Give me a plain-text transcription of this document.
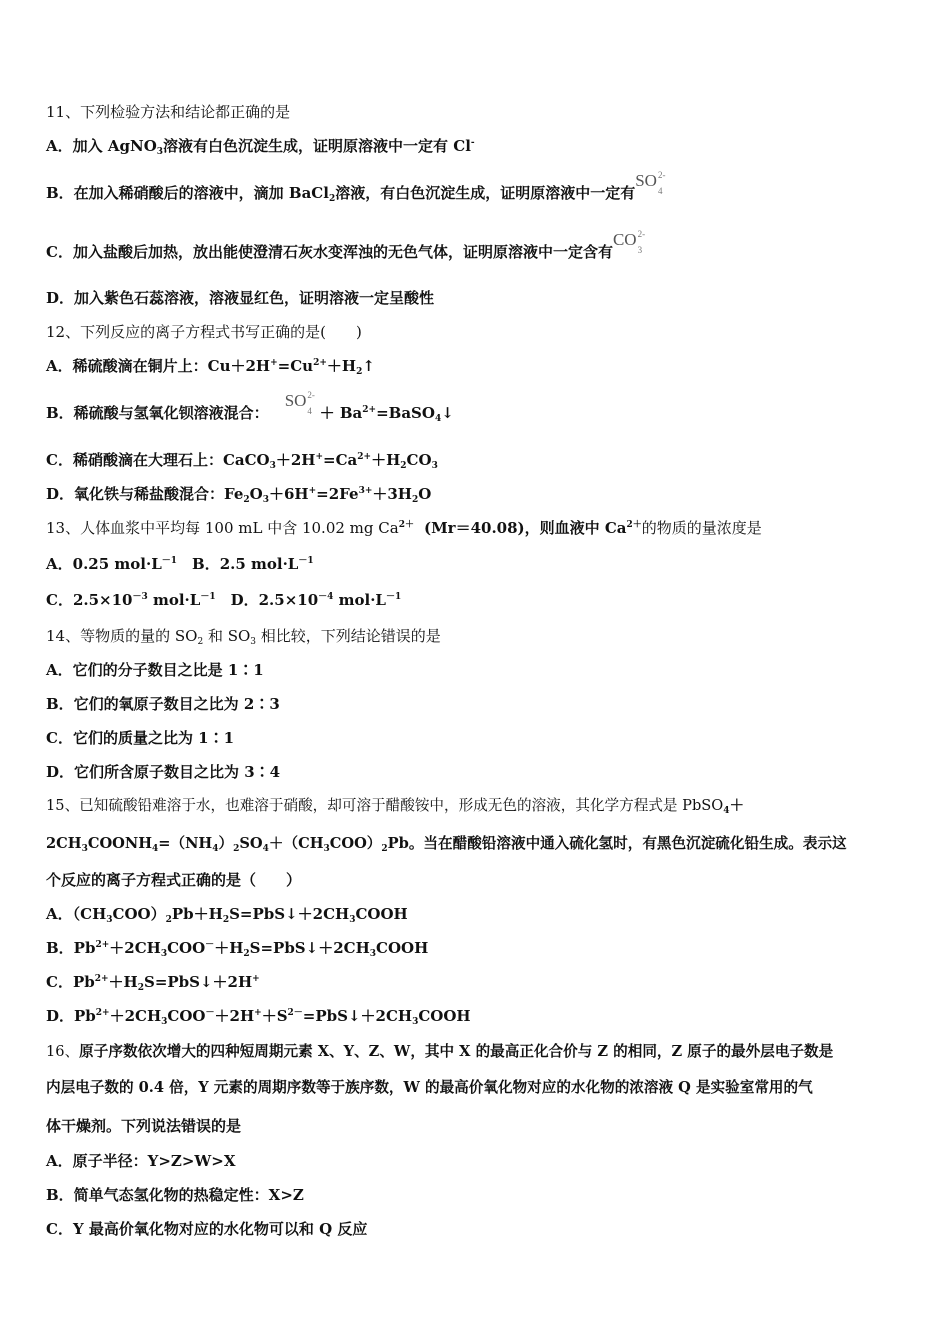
11、下列检验方法和结论都正确的是
A．加入 AgNO$_3$溶液有白色沉淀生成，证明原溶液中一定有 Cl-
B．在加入稀硝酸后的溶液中，滴加 BaCl$_2$溶液，有白色沉淀生成，证明原溶液中一定有SO 2-
4
C．加入盐酸后加热，放出能使澄清石灰水变浑浊的无色气体，证明原溶液中一定含有CO 2-
3
D．加入紫色石蕊溶液，溶液显红色，证明溶液一定呈酸性
12、下列反应的离子方程式书写正确的是(　　)
A．稀硫酸滴在铜片上：$Cu+2H^+=Cu^{2+}+H_2↑$
B．稀硫酸与氢氧化钡溶液混合：SO 2-
$4 + Ba^{2+}=BaSO_4↓$
C．稀硝酸滴在大理石上：$CaCO_3+2H^+=Ca^{2+}+H_2CO_3$
D．氧化铁与稀盐酸混合：$Fe_2O_3+6H^+=2Fe^{3+}+3H_2O$
13、人体血浆中平均每 100 mL 中含 10.02 mg $Ca^{2+}$ (Mr＝40.08)，则血液中 $Ca^{2+}$的物质的量浓度是
A．0.25 $mol\cdot L^{-1}$　B．2.5 $mol\cdot L^{-1}$
C．$2.5\times 10^{-3}$ $mol\cdot L^{-1}$　D．$2.5\times 10^{-4}$ $mol\cdot L^{-1}$
14、等物质的量的 $SO_2$ 和 $SO_3$ 相比较，下列结论错误的是
A．它们的分子数目之比是 1∶1
B．它们的氧原子数目之比为 2∶3
C．它们的质量之比为 1∶1
D．它们所含原子数目之比为 3∶4
15、已知硫酸铅难溶于水，也难溶于硝酸，却可溶于醋酸铵中，形成无色的溶液，其化学方程式是 PbSO$_4$＋
$2CH_3COONH_4=(NH_4)_2SO_4+(CH_3COO)_2Pb$。当在醋酸铅溶液中通入硫化氢时，有黑色沉淀硫化铅生成。表示这
个反应的离子方程式正确的是（　　）
A．$(CH_3COO)_2Pb+H_2S=PbS↓+2CH_3COOH$
B．$Pb^{2+}+2CH_3COO^-+H_2S=PbS↓+2CH_3COOH$
C．$Pb^{2+}+H_2S=PbS↓+2H^+$
D．$Pb^{2+}+2CH_3COO^-+2H^++S^{2-}=PbS↓+2CH_3COOH$
16、原子序数依次增大的四种短周期元素 X、Y、Z、W，其中 X 的最高正化合价与 Z 的相同，Z 原子的最外层电子数是
内层电子数的 0.4 倍，Y 元素的周期序数等于族序数，W 的最高价氧化物对应的水化物的浓溶液 Q 是实验室常用的气
体干燥剂。下列说法错误的是
A．原子半径：Y>Z>W>X
B．简单气态氢化物的热稳定性：X>Z
C．Y 最高价氧化物对应的水化物可以和 Q 反应
